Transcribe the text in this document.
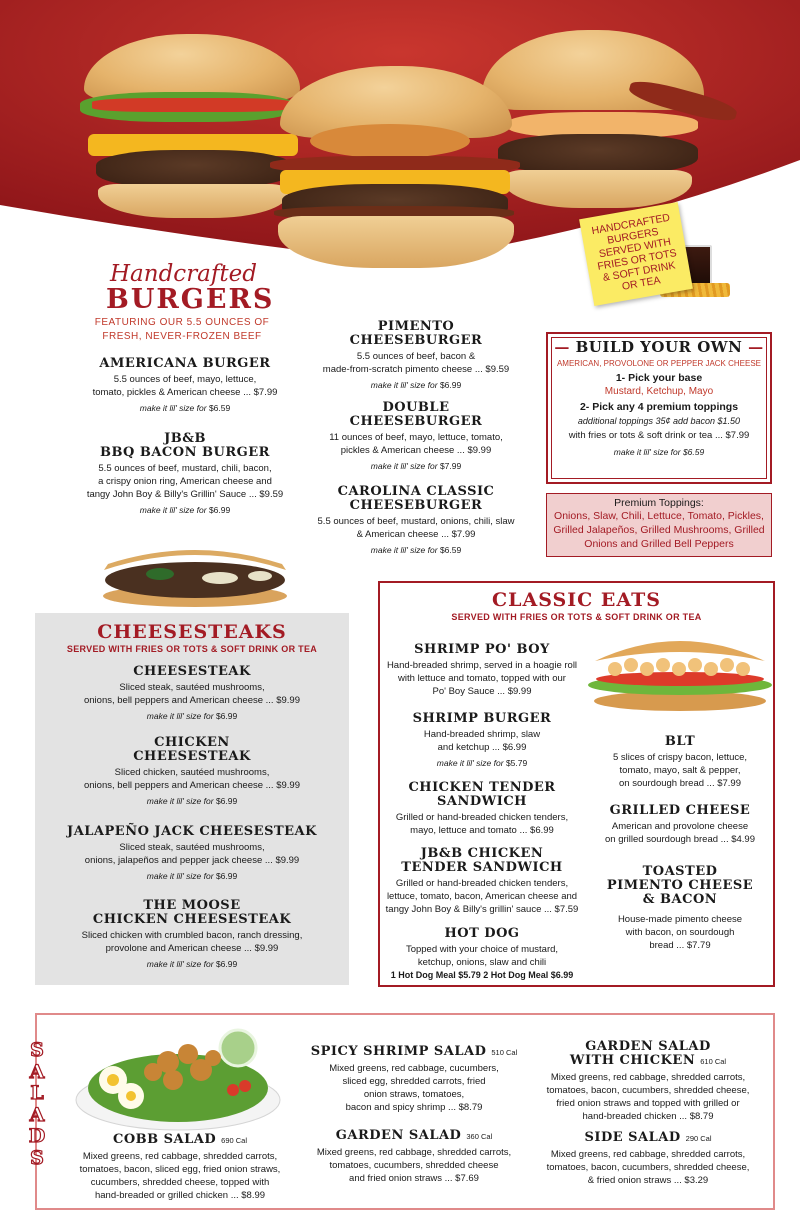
HANDCRAFTED BURGERS SERVED WITH FRIES OR TOTS & SOFT DRINK OR TEA
Handcrafted
BURGERS
FEATURING OUR 5.5 OUNCES OF
FRESH, NEVER-FROZEN BEEF
AMERICANA BURGER
5.5 ounces of beef, mayo, lettuce,
tomato, pickles & American cheese ... $7.99
make it lil' size for $6.59
JB&B
BBQ BACON BURGER
5.5 ounces of beef, mustard, chili, bacon,
a crispy onion ring, American cheese and
tangy John Boy & Billy's Grillin' Sauce ... $9.59
make it lil' size for $6.99
PIMENTO
CHEESEBURGER
5.5 ounces of beef, bacon &
made-from-scratch pimento cheese ... $9.59
make it lil' size for $6.99
DOUBLE
CHEESEBURGER
11 ounces of beef, mayo, lettuce, tomato,
pickles & American cheese ... $9.99
make it lil' size for $7.99
CAROLINA CLASSIC
CHEESEBURGER
5.5 ounces of beef, mustard, onions, chili, slaw
& American cheese ... $7.99
make it lil' size for $6.59
— BUILD YOUR OWN —
AMERICAN, PROVOLONE OR PEPPER JACK CHEESE
1- Pick your base
Mustard, Ketchup, Mayo
2- Pick any 4 premium toppings
additional toppings 35¢ add bacon $1.50
with fries or tots & soft drink or tea ... $7.99
make it lil' size for $6.59
Premium Toppings:
Onions, Slaw, Chili, Lettuce, Tomato, Pickles,
Grilled Jalapeños, Grilled Mushrooms, Grilled
Onions and Grilled Bell Peppers
CHEESESTEAKS
SERVED WITH FRIES OR TOTS & SOFT DRINK OR TEA
CHEESESTEAK
Sliced steak, sautéed mushrooms,
onions, bell peppers and American cheese ... $9.99
make it lil' size for $6.99
CHICKEN
CHEESESTEAK
Sliced chicken, sautéed mushrooms,
onions, bell peppers and American cheese ... $9.99
make it lil' size for $6.99
JALAPEÑO JACK CHEESESTEAK
Sliced steak, sautéed mushrooms,
onions, jalapeños and pepper jack cheese ... $9.99
make it lil' size for $6.99
THE MOOSE
CHICKEN CHEESESTEAK
Sliced chicken with crumbled bacon, ranch dressing,
provolone and American cheese ... $9.99
make it lil' size for $6.99
CLASSIC EATS
SERVED WITH FRIES OR TOTS & SOFT DRINK OR TEA
SHRIMP PO' BOY
Hand-breaded shrimp, served in a hoagie roll
with lettuce and tomato, topped with our
Po' Boy Sauce ... $9.99
SHRIMP BURGER
Hand-breaded shrimp, slaw
and ketchup ... $6.99
make it lil' size for $5.79
CHICKEN TENDER
SANDWICH
Grilled or hand-breaded chicken tenders,
mayo, lettuce and tomato ... $6.99
JB&B CHICKEN
TENDER SANDWICH
Grilled or hand-breaded chicken tenders,
lettuce, tomato, bacon, American cheese and
tangy John Boy & Billy's grillin' sauce ... $7.59
HOT DOG
Topped with your choice of mustard,
ketchup, onions, slaw and chili
1 Hot Dog Meal $5.79 2 Hot Dog Meal $6.99
BLT
5 slices of crispy bacon, lettuce,
tomato, mayo, salt & pepper,
on sourdough bread ... $7.99
GRILLED CHEESE
American and provolone cheese
on grilled sourdough bread ... $4.99
TOASTED
PIMENTO CHEESE
& BACON
House-made pimento cheese
with bacon, on sourdough
bread ... $7.79
S
A
L
A
D
S
COBB SALAD 690 Cal
Mixed greens, red cabbage, shredded carrots,
tomatoes, bacon, sliced egg, fried onion straws,
cucumbers, shredded cheese, topped with
hand-breaded or grilled chicken ... $8.99
SPICY SHRIMP SALAD 510 Cal
Mixed greens, red cabbage, cucumbers,
sliced egg, shredded carrots, fried
onion straws, tomatoes,
bacon and spicy shrimp ... $8.79
GARDEN SALAD 360 Cal
Mixed greens, red cabbage, shredded carrots,
tomatoes, cucumbers, shredded cheese
and fried onion straws ... $7.69
GARDEN SALAD
WITH CHICKEN 610 Cal
Mixed greens, red cabbage, shredded carrots,
tomatoes, bacon, cucumbers, shredded cheese,
fried onion straws and topped with grilled or
hand-breaded chicken ... $8.79
SIDE SALAD 290 Cal
Mixed greens, red cabbage, shredded carrots,
tomatoes, bacon, cucumbers, shredded cheese,
& fried onion straws ... $3.29
